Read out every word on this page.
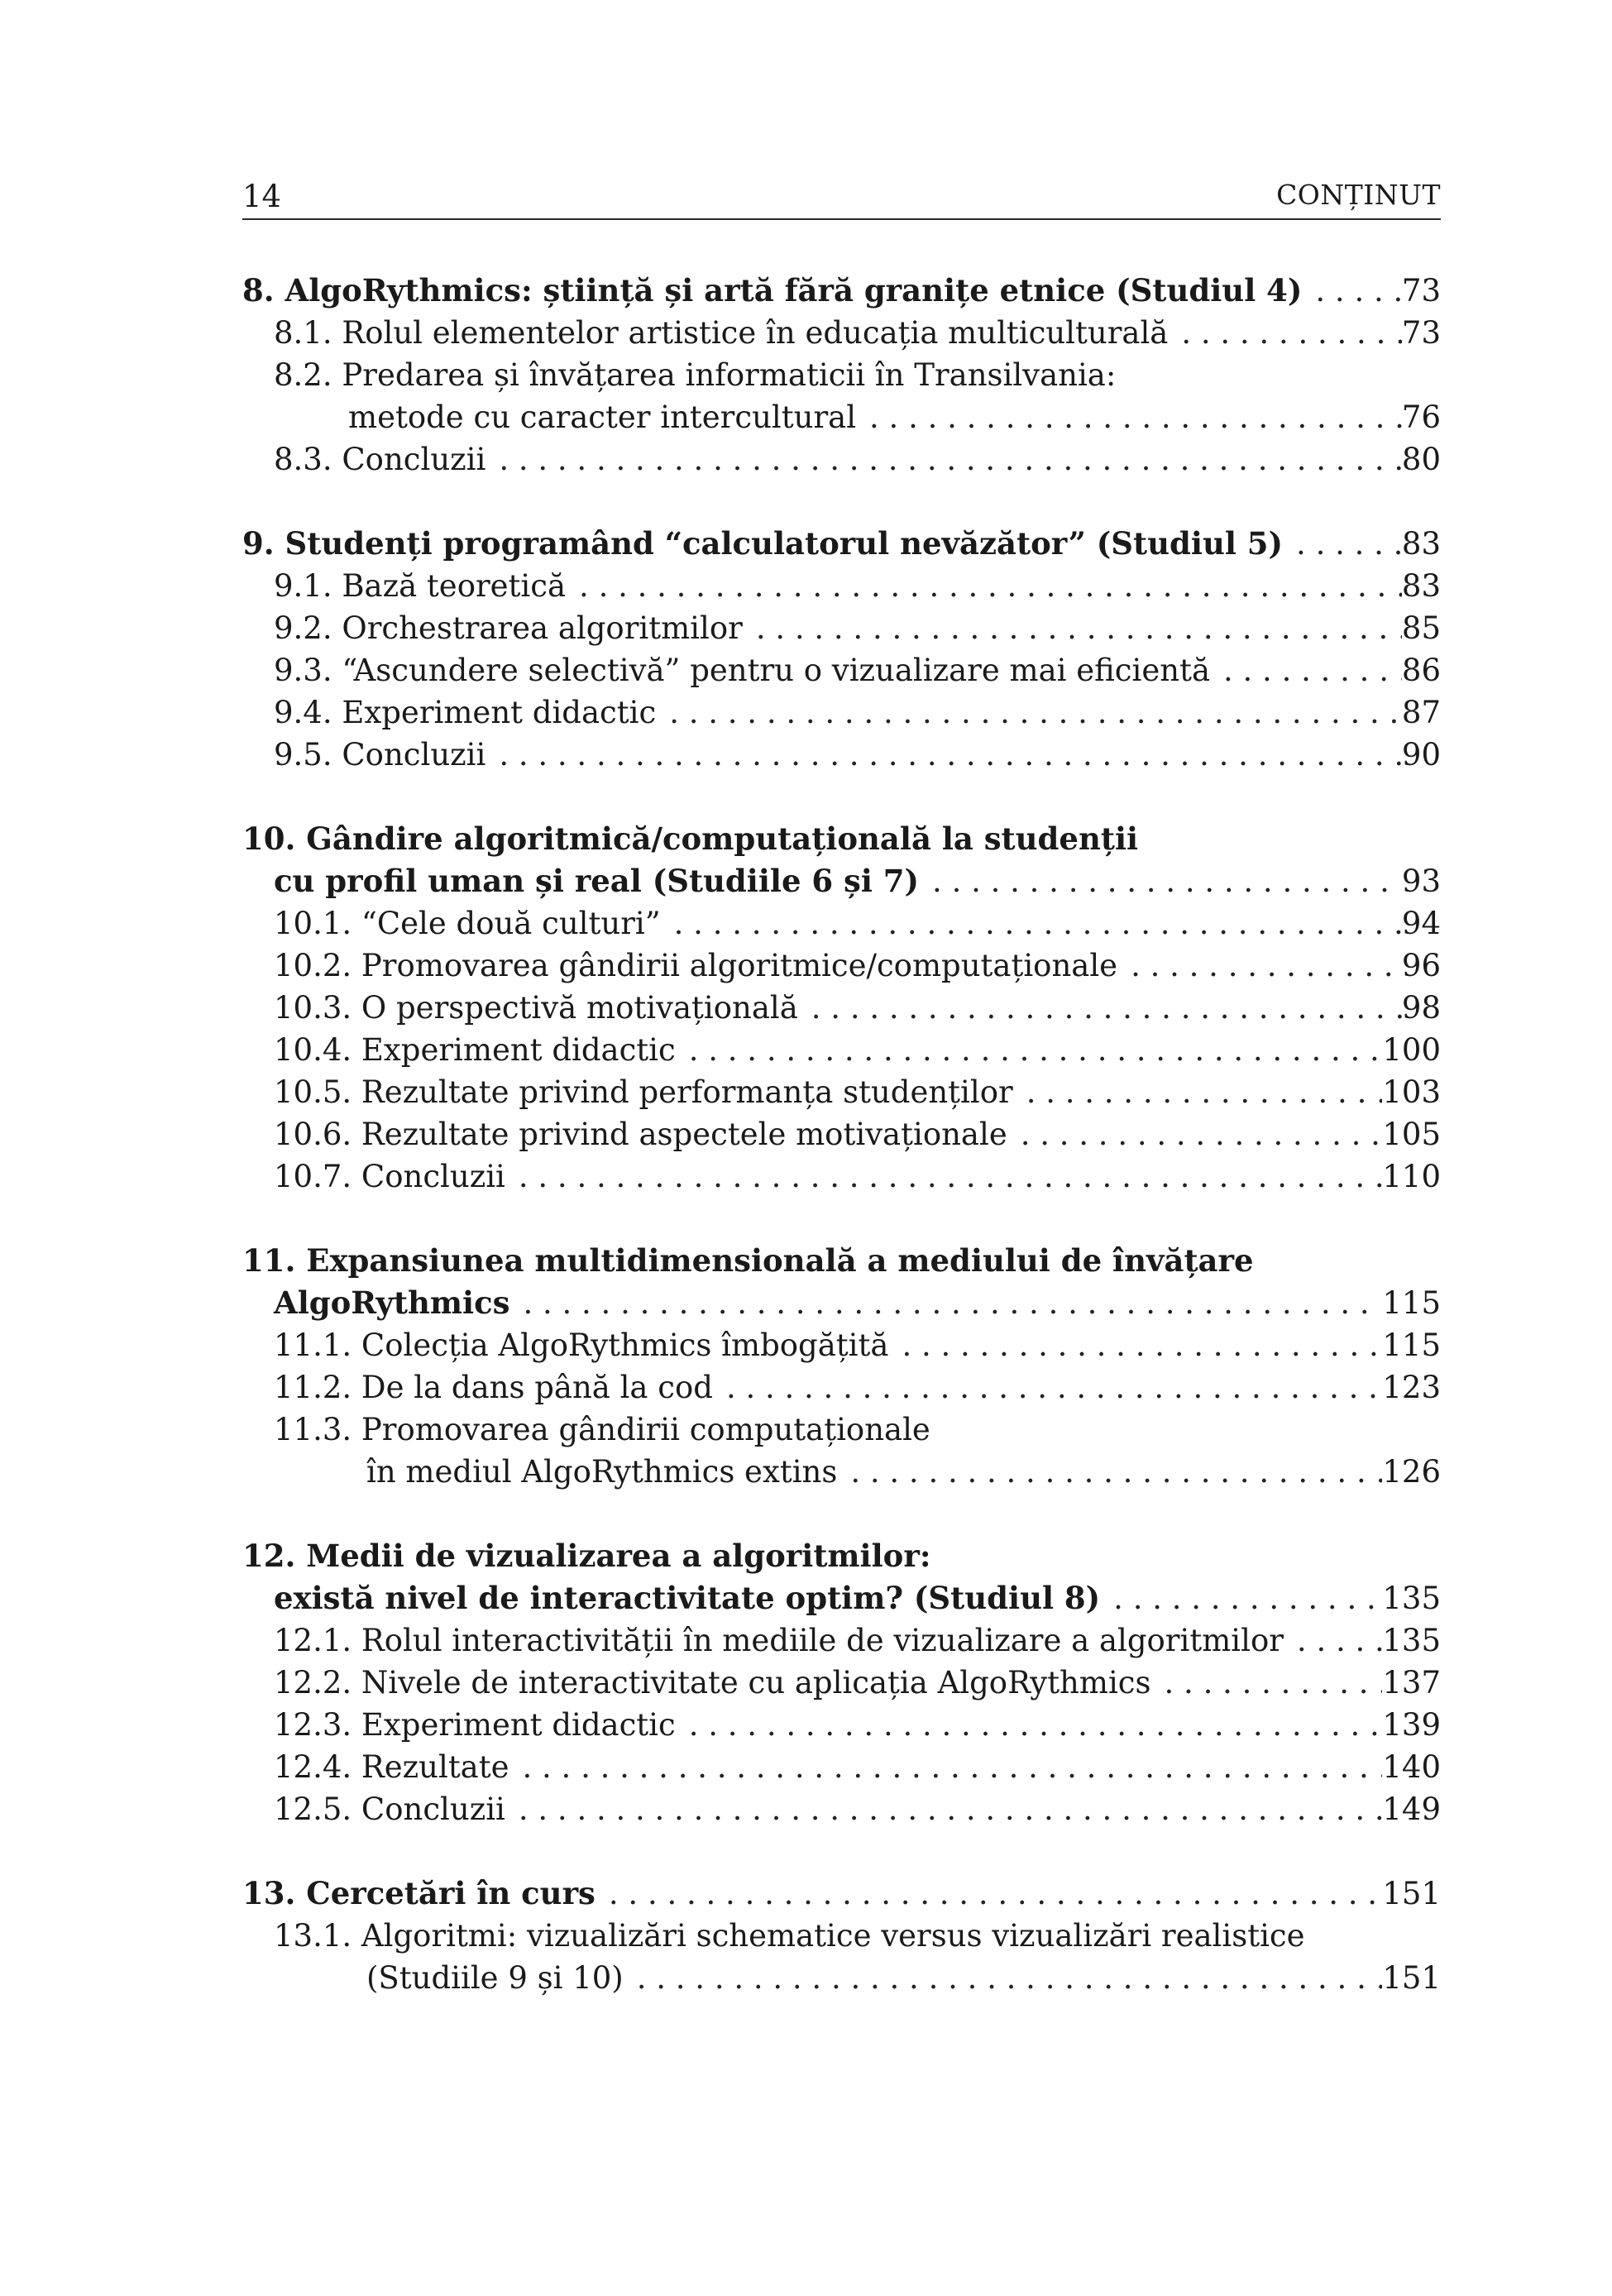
14	CONȚINUT
8. AlgoRythmics: știință și artă fără granițe etnice (Studiul 4) . . .	73
8.1. Rolul elementelor artistice în educația multiculturală . . .	73
8.2. Predarea și învățarea informaticii în Transilvania:
metode cu caracter intercultural . . .	76
8.3. Concluzii . . .	80
9. Studenți programând “calculatorul nevăzător” (Studiul 5) . . .	83
9.1. Bază teoretică . . .	83
9.2. Orchestrarea algoritmilor . . .	85
9.3. “Ascundere selectivă” pentru o vizualizare mai eficientă . . .	86
9.4. Experiment didactic . . .	87
9.5. Concluzii . . .	90
10. Gândire algoritmică/computațională la studenții
cu profil uman și real (Studiile 6 și 7) . . .	93
10.1. “Cele două culturi” . . .	94
10.2. Promovarea gândirii algoritmice/computaționale . . .	96
10.3. O perspectivă motivațională . . .	98
10.4. Experiment didactic . . .	100
10.5. Rezultate privind performanța studenților . . .	103
10.6. Rezultate privind aspectele motivaționale . . .	105
10.7. Concluzii . . .	110
11. Expansiunea multidimensională a mediului de învățare
AlgoRythmics . . .	115
11.1. Colecția AlgoRythmics îmbogățită . . .	115
11.2. De la dans până la cod . . .	123
11.3. Promovarea gândirii computaționale
în mediul AlgoRythmics extins . . .	126
12. Medii de vizualizarea a algoritmilor:
există nivel de interactivitate optim? (Studiul 8) . . .	135
12.1. Rolul interactivității în mediile de vizualizare a algoritmilor . . .	135
12.2. Nivele de interactivitate cu aplicația AlgoRythmics . . .	137
12.3. Experiment didactic . . .	139
12.4. Rezultate . . .	140
12.5. Concluzii . . .	149
13. Cercetări în curs . . .	151
13.1. Algoritmi: vizualizări schematice versus vizualizări realistice
(Studiile 9 și 10) . . .	151
